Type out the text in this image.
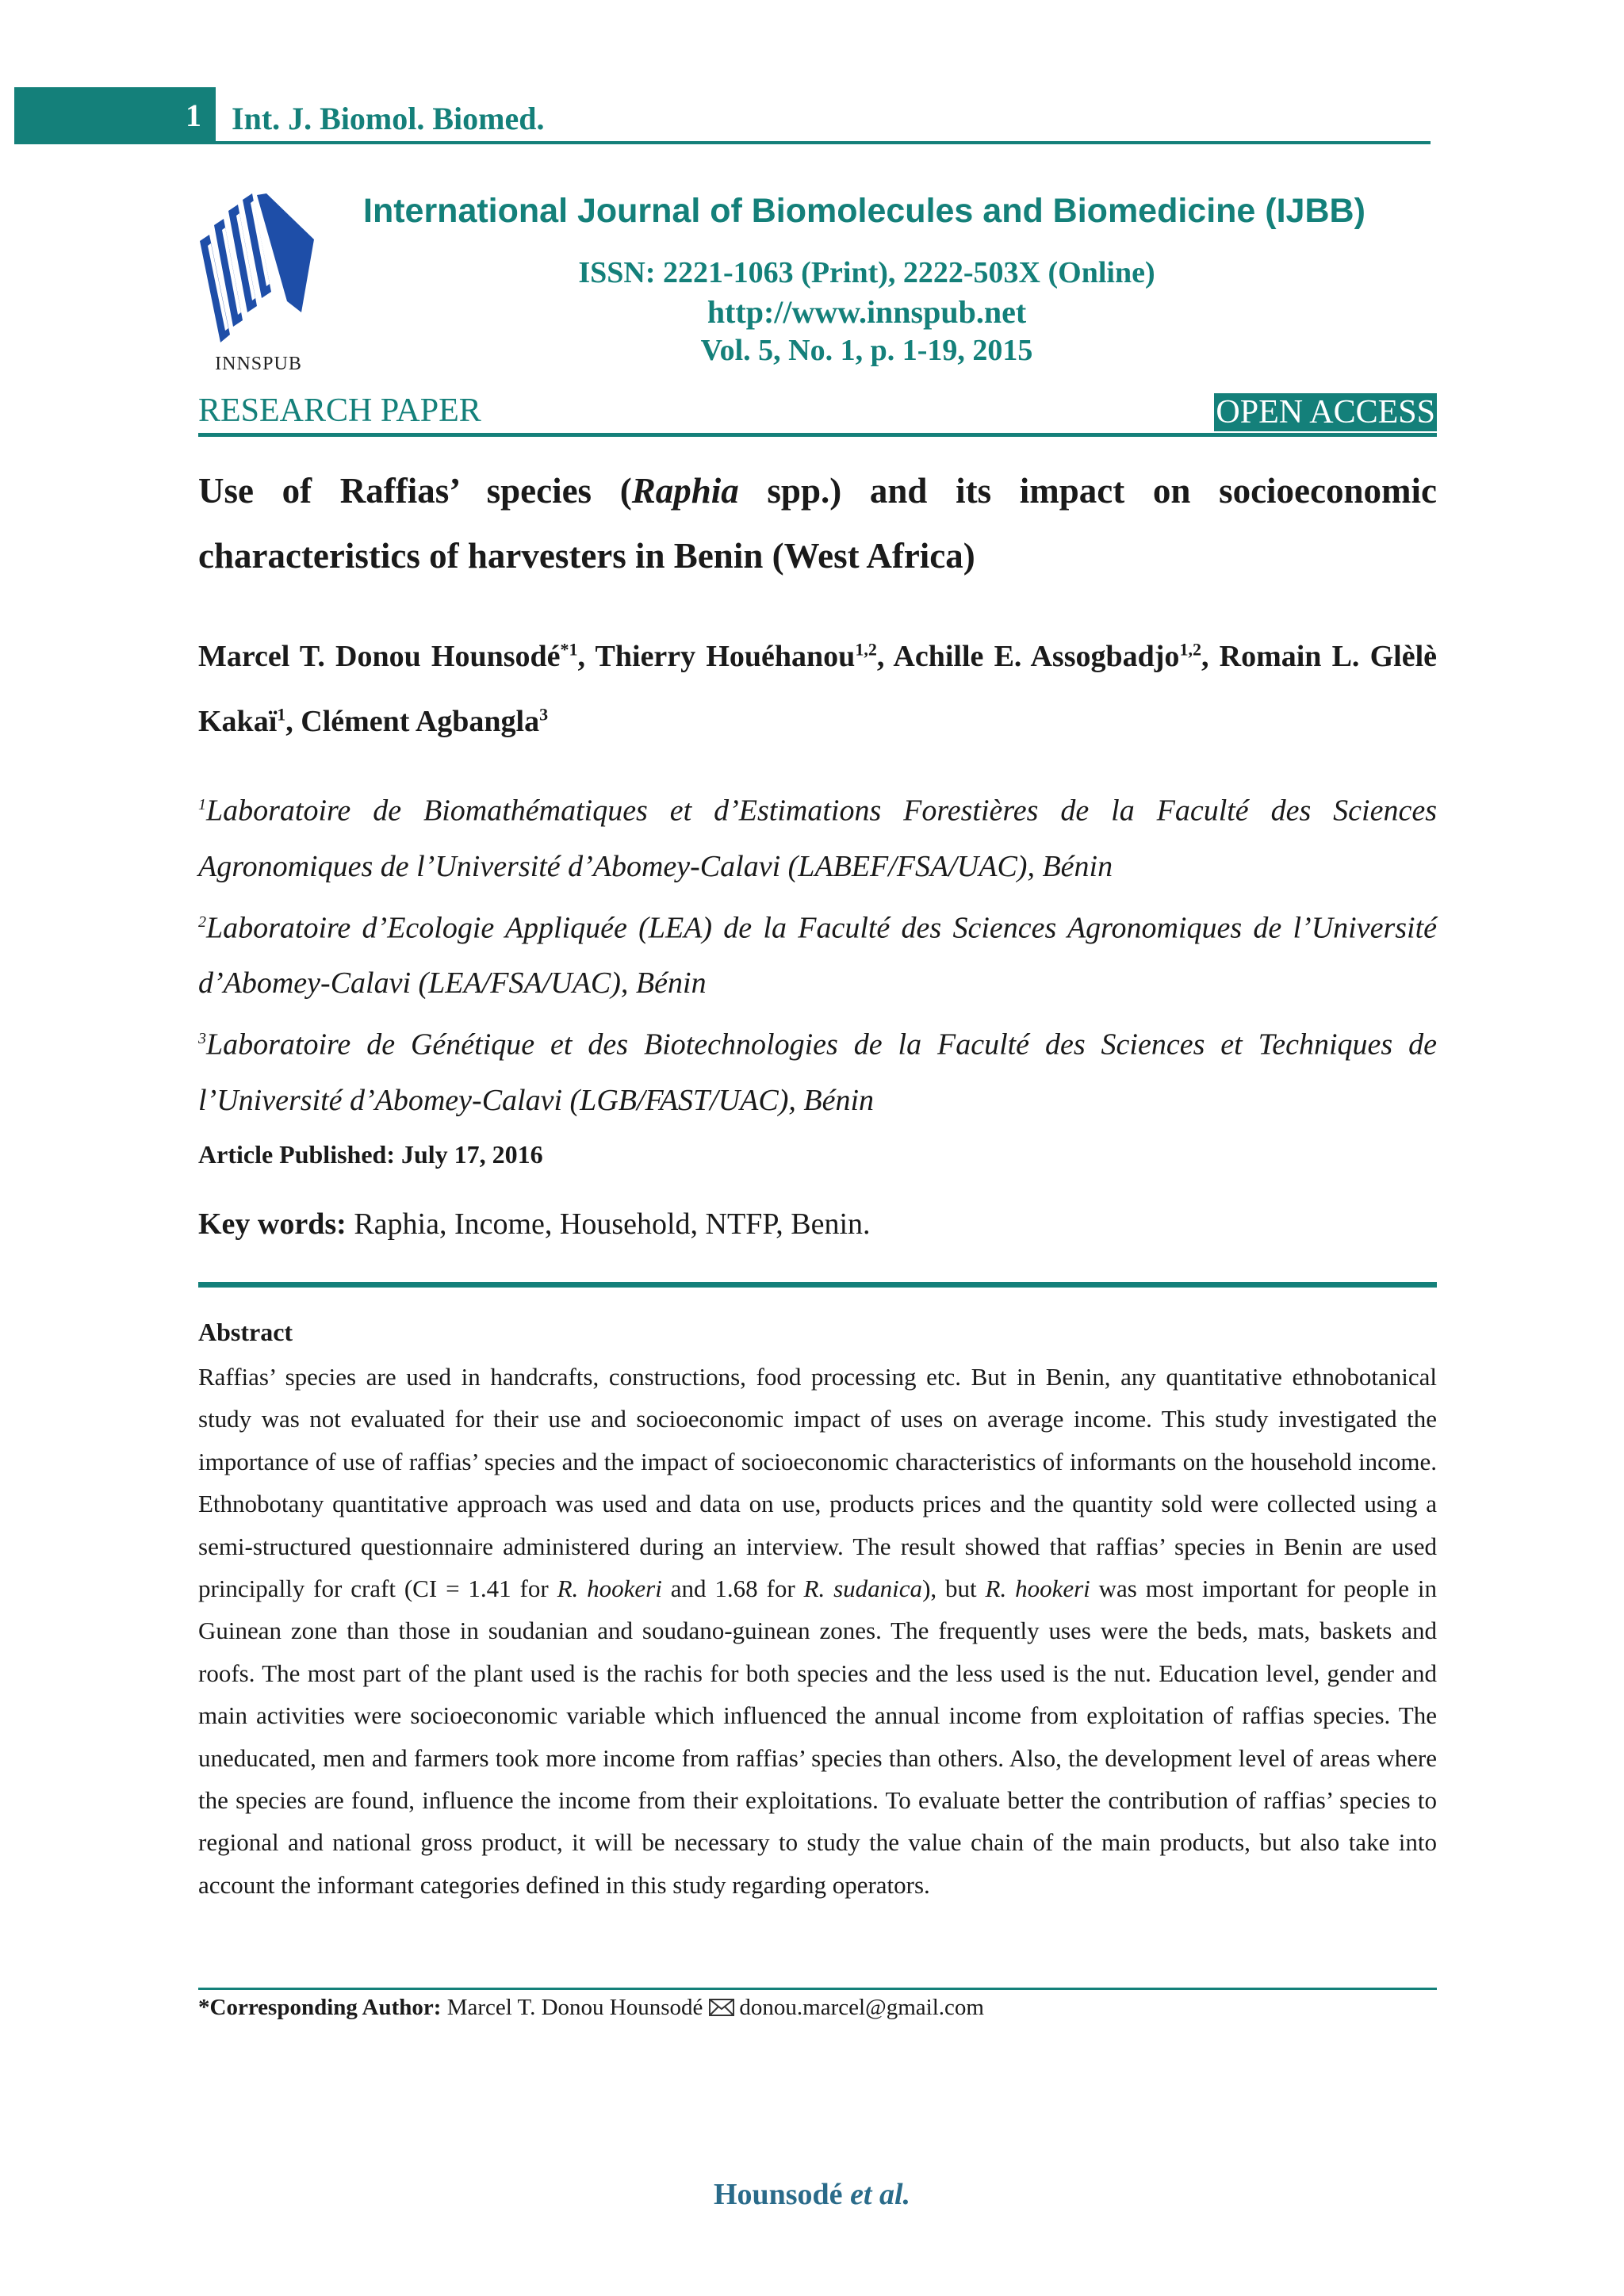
1 Int. J. Biomol. Biomed.
INNSPUB
International Journal of Biomolecules and Biomedicine (IJBB)
ISSN: 2221-1063 (Print), 2222-503X (Online)
http://www.innspub.net
Vol. 5, No. 1, p. 1-19, 2015
RESEARCH PAPER	OPEN ACCESS
Use of Raffias’ species (Raphia spp.) and its impact on socioeconomic characteristics of harvesters in Benin (West Africa)
Marcel T. Donou Hounsodé$^{*1}$, Thierry Houéhanou$^{1,2}$, Achille E. Assogbadjo$^{1,2}$, Romain L. Glèlè Kakaï$^1$, Clément Agbangla$^3$

$^1$Laboratoire de Biomathématiques et d’Estimations Forestières de la Faculté des Sciences Agronomiques de l’Université d’Abomey-Calavi (LABEF/FSA/UAC), Bénin

$^2$Laboratoire d’Ecologie Appliquée (LEA) de la Faculté des Sciences Agronomiques de l’Université d’Abomey-Calavi (LEA/FSA/UAC), Bénin

$^3$Laboratoire de Génétique et des Biotechnologies de la Faculté des Sciences et Techniques de l’Université d’Abomey-Calavi (LGB/FAST/UAC), Bénin

Article Published: July 17, 2016
Key words: Raphia, Income, Household, NTFP, Benin.
Abstract
Raffias’ species are used in handcrafts, constructions, food processing etc. But in Benin, any quantitative ethnobotanical study was not evaluated for their use and socioeconomic impact of uses on average income. This study investigated the importance of use of raffias’ species and the impact of socioeconomic characteristics of informants on the household income. Ethnobotany quantitative approach was used and data on use, products prices and the quantity sold were collected using a semi-structured questionnaire administered during an interview. The result showed that raffias’ species in Benin are used principally for craft (CI = 1.41 for R. hookeri and 1.68 for R. sudanica), but R. hookeri was most important for people in Guinean zone than those in soudanian and soudano-guinean zones. The frequently uses were the beds, mats, baskets and roofs. The most part of the plant used is the rachis for both species and the less used is the nut. Education level, gender and main activities were socioeconomic variable which influenced the annual income from exploitation of raffias species. The uneducated, men and farmers took more income from raffias’ species than others. Also, the development level of areas where the species are found, influence the income from their exploitations. To evaluate better the contribution of raffias’ species to regional and national gross product, it will be necessary to study the value chain of the main products, but also take into account the informant categories defined in this study regarding operators.
*Corresponding Author: Marcel T. Donou Hounsodé donou.marcel@gmail.com
Hounsodé et al.
